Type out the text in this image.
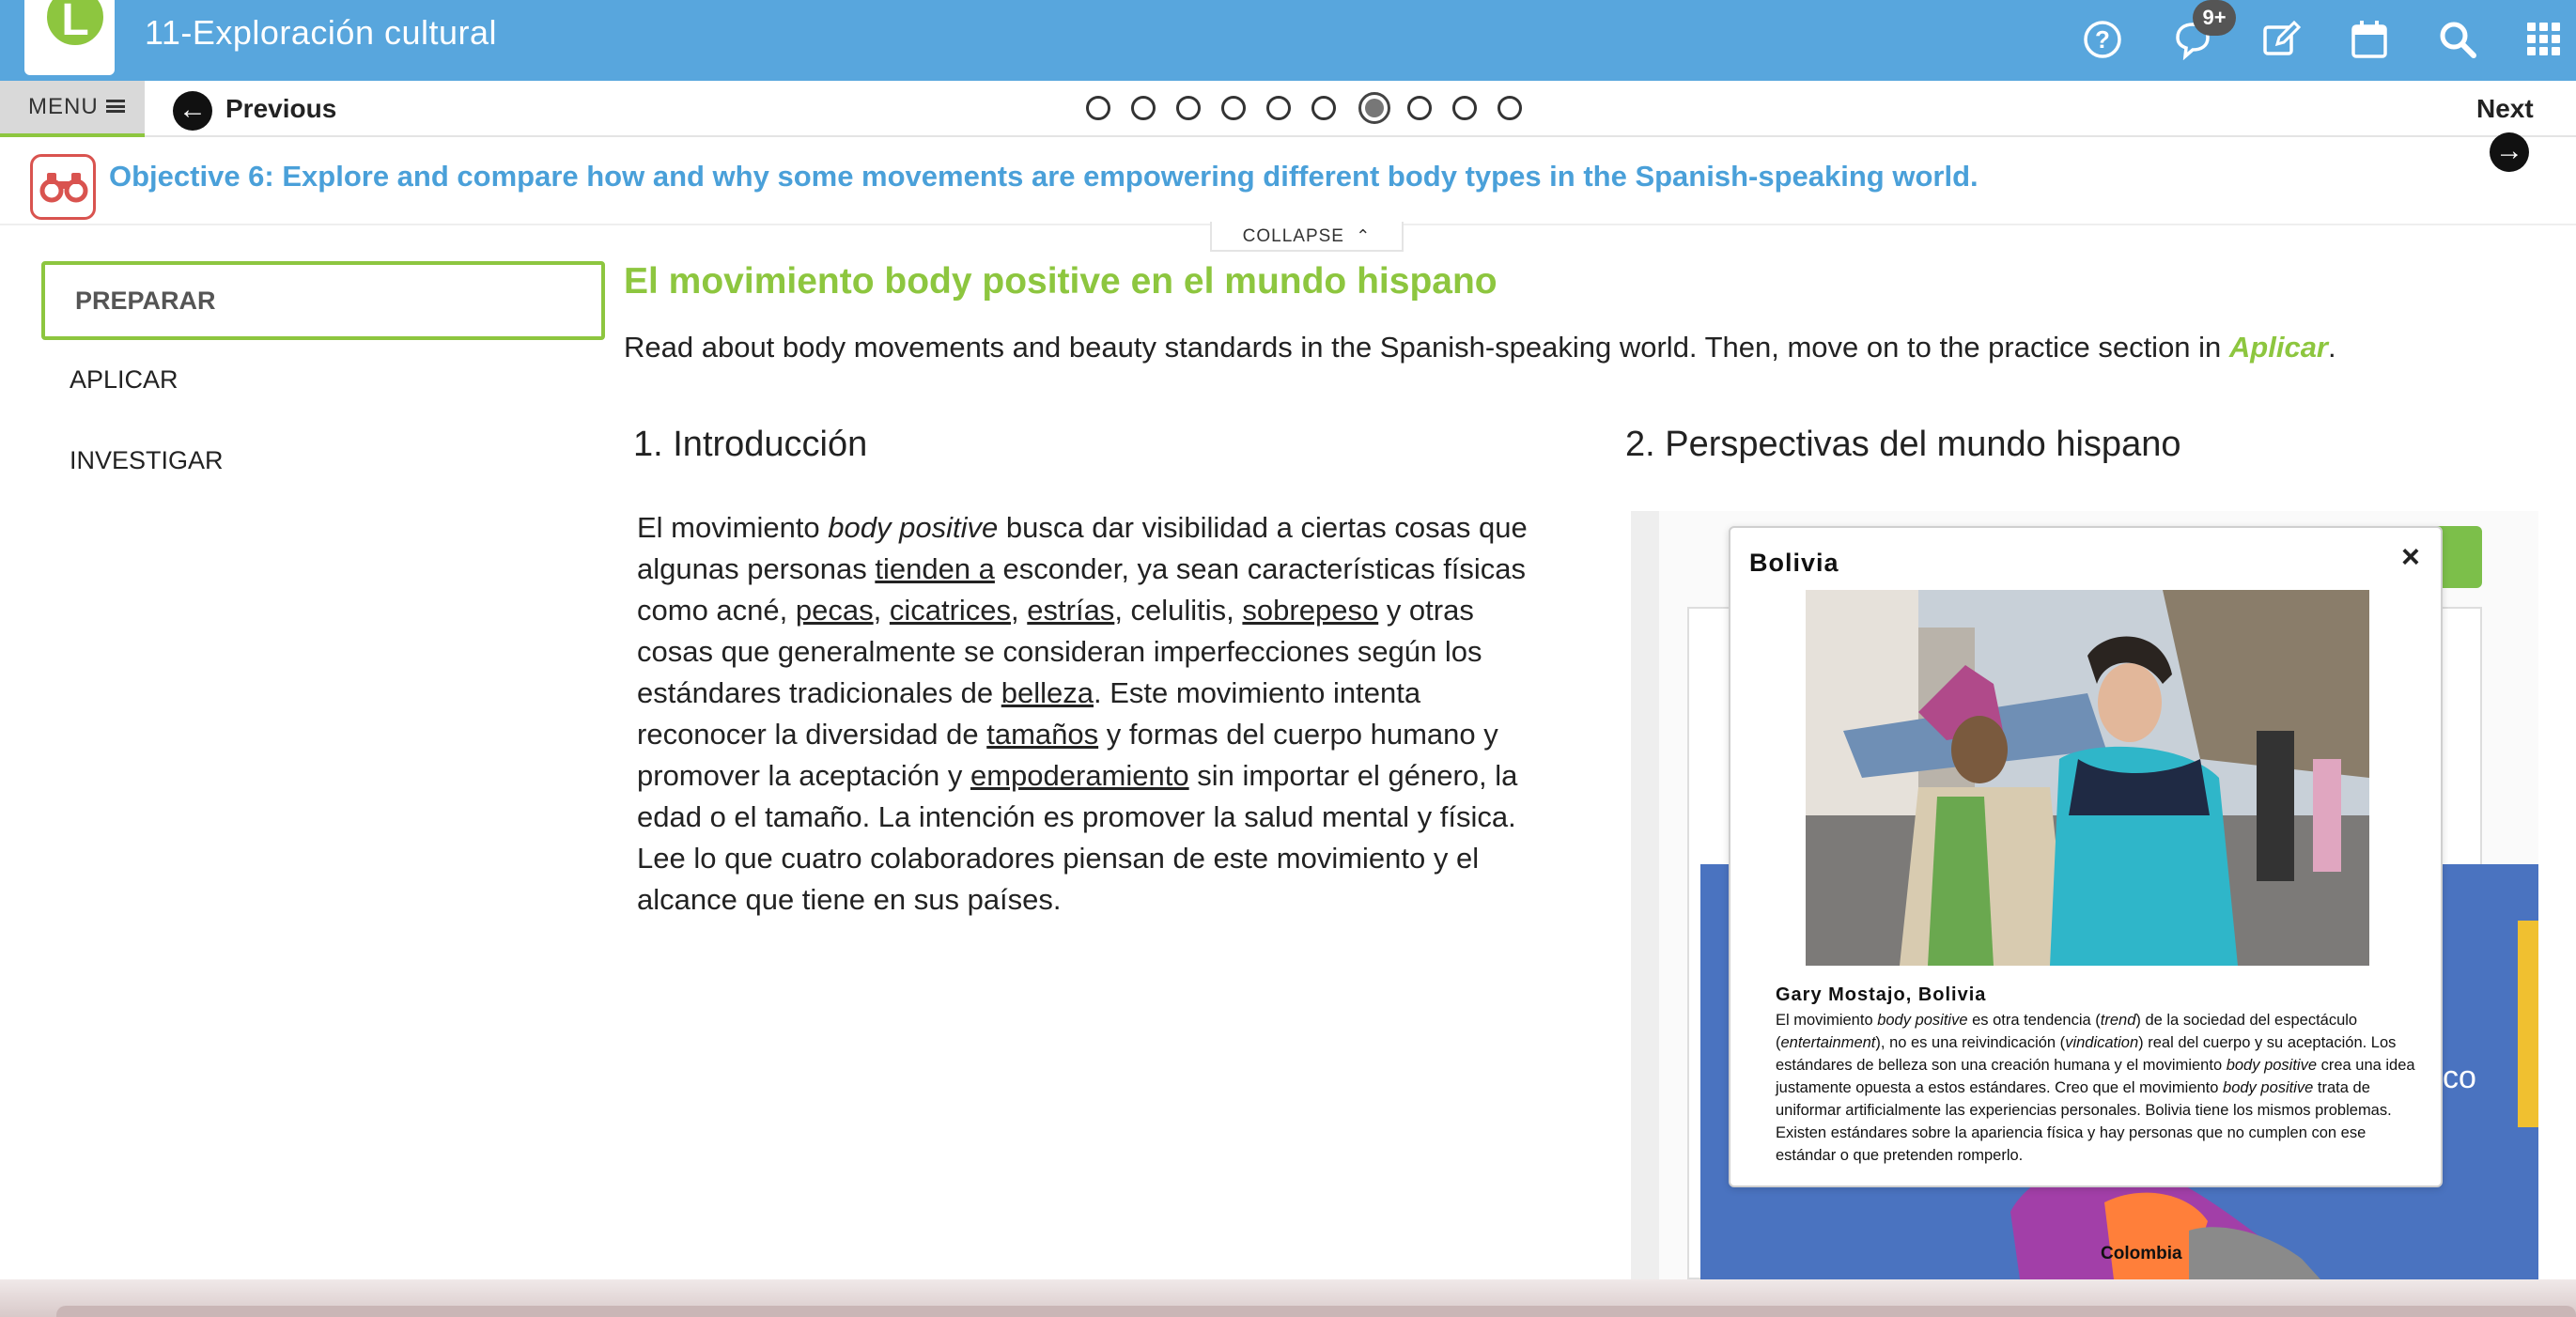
L	11-Exploración cultural	?
9+
MENU	← Previous	Next→
Objective 6: Explore and compare how and why some movements are empowering different body types in the Spanish-speaking world.
COLLAPSE ⌃
PREPARAR
APLICAR
INVESTIGAR
El movimiento body positive en el mundo hispano
Read about body movements and beauty standards in the Spanish-speaking world. Then, move on to the practice section in Aplicar.
1. Introducción	2. Perspectivas del mundo hispano
El movimiento body positive busca dar visibilidad a ciertas cosas que algunas personas tienden a esconder, ya sean características físicas como acné, pecas, cicatrices, estrías, celulitis, sobrepeso y otras cosas que generalmente se consideran imperfecciones según los estándares tradicionales de belleza. Este movimiento intenta reconocer la diversidad de tamaños y formas del cuerpo humano y promover la aceptación y empoderamiento sin importar el género, la edad o el tamaño. La intención es promover la salud mental y física. Lee lo que cuatro colaboradores piensan de este movimiento y el alcance que tiene en sus países.
Colombia
co
Bolivia	×
Gary Mostajo, Bolivia
El movimiento body positive es otra tendencia (trend) de la sociedad del espectáculo (entertainment), no es una reivindicación (vindication) real del cuerpo y su aceptación. Los estándares de belleza son una creación humana y el movimiento body positive crea una idea justamente opuesta a estos estándares. Creo que el movimiento body positive trata de uniformar artificialmente las experiencias personales. Bolivia tiene los mismos problemas. Existen estándares sobre la apariencia física y hay personas que no cumplen con ese estándar o que pretenden romperlo.
